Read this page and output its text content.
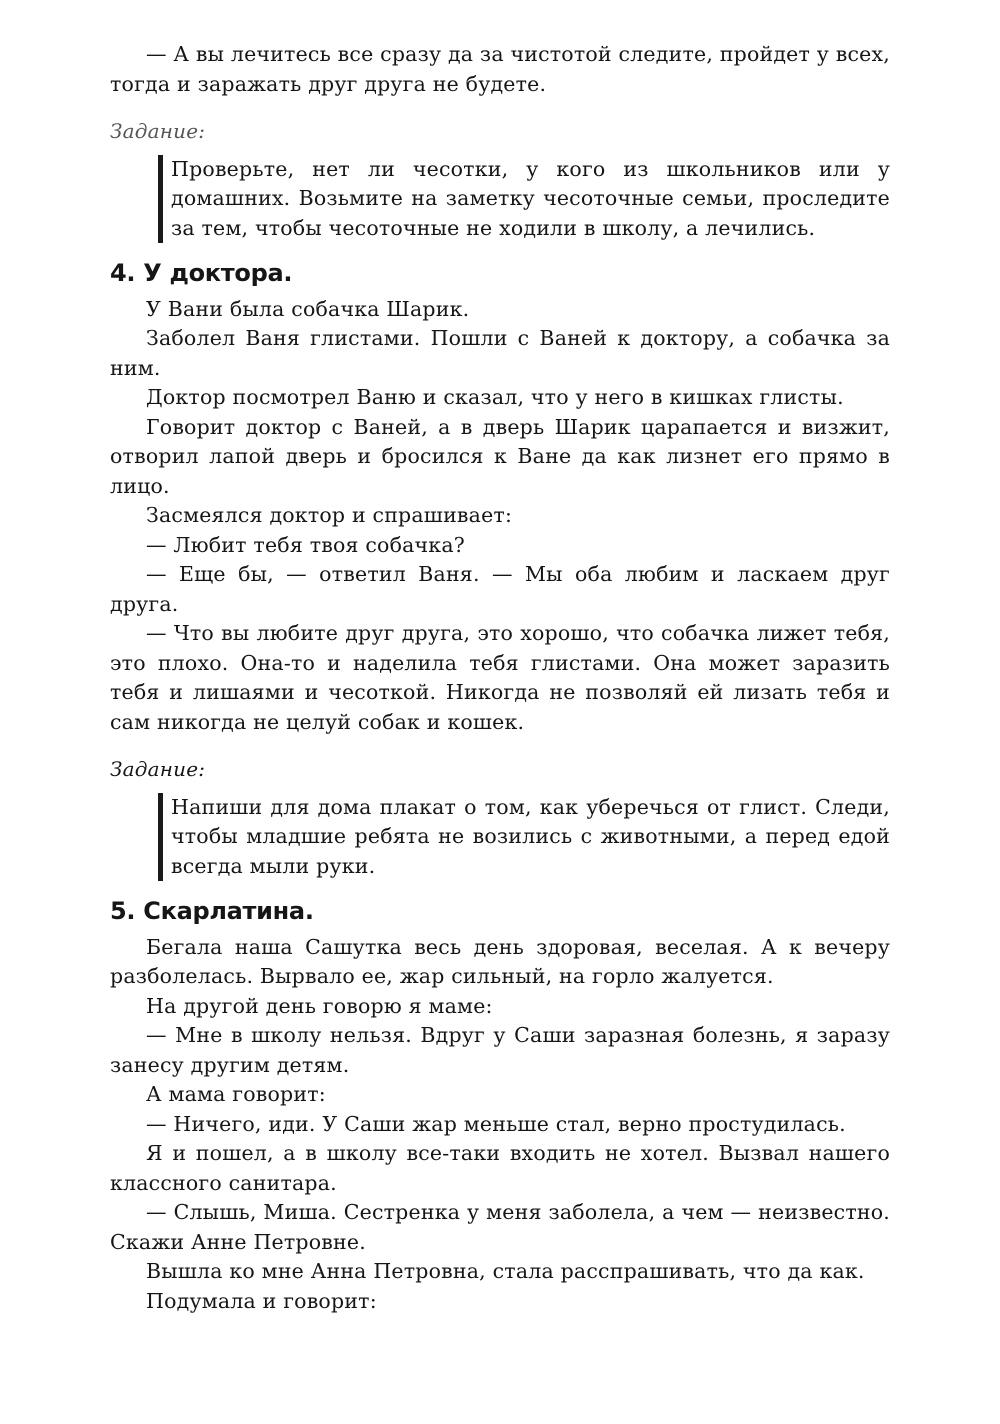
— А вы лечитесь все сразу да за чистотой следите, пройдет у всех, тогда и заражать друг друга не будете.

Задание:

Проверьте, нет ли чесотки, у кого из школьников или у домашних. Возьмите на заметку чесоточные семьи, проследите за тем, чтобы чесоточные не ходили в школу, а лечились.

4. У доктора.

У Вани была собачка Шарик.

Заболел Ваня глистами. Пошли с Ваней к доктору, а собачка за ним.

Доктор посмотрел Ваню и сказал, что у него в кишках глисты.

Говорит доктор с Ваней, а в дверь Шарик царапается и визжит, отворил лапой дверь и бросился к Ване да как лизнет его прямо в лицо.

Засмеялся доктор и спрашивает:

— Любит тебя твоя собачка?

— Еще бы, — ответил Ваня. — Мы оба любим и ласкаем друг друга.

— Что вы любите друг друга, это хорошо, что собачка лижет тебя, это плохо. Она-то и наделила тебя глистами. Она может заразить тебя и лишаями и чесоткой. Никогда не позволяй ей лизать тебя и сам никогда не целуй собак и кошек.

Задание:

Напиши для дома плакат о том, как уберечься от глист. Следи, чтобы младшие ребята не возились с животными, а перед едой всегда мыли руки.

5. Скарлатина.

Бегала наша Сашутка весь день здоровая, веселая. А к вечеру разболелась. Вырвало ее, жар сильный, на горло жалуется.

На другой день говорю я маме:

— Мне в школу нельзя. Вдруг у Саши заразная болезнь, я заразу занесу другим детям.

А мама говорит:

— Ничего, иди. У Саши жар меньше стал, верно простудилась.

Я и пошел, а в школу все-таки входить не хотел. Вызвал нашего классного санитара.

— Слышь, Миша. Сестренка у меня заболела, а чем — неизвестно. Скажи Анне Петровне.

Вышла ко мне Анна Петровна, стала расспрашивать, что да как.

Подумала и говорит:
